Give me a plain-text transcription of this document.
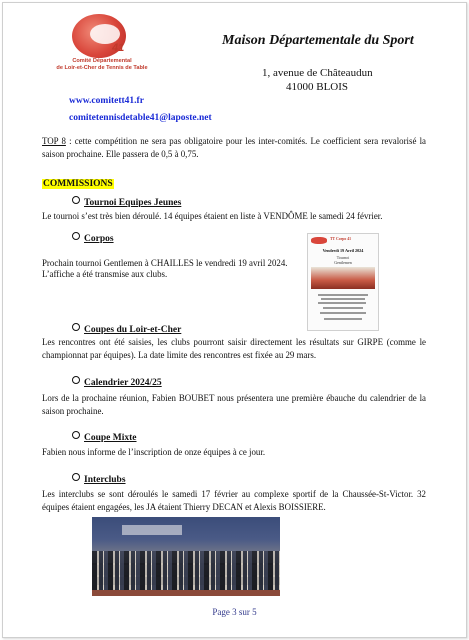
41
Comité Départemental
de Loir-et-Cher de Tennis de Table
Maison Départementale du Sport
1, avenue de Châteaudun
41000 BLOIS
www.comitett41.fr
comitetennisdetable41@laposte.net
TOP 8 : cette compétition ne sera pas obligatoire pour les inter-comités. Le coefficient sera revalorisé la saison prochaine. Elle passera de 0,5 à 0,75.
COMMISSIONS
Tournoi Equipes Jeunes
Le tournoi s’est très bien déroulé. 14 équipes étaient en liste à VENDÔME le samedi 24 février.
Corpos
Prochain tournoi Gentlemen à CHAILLES le vendredi 19 avril 2024.
L’affiche a été transmise aux clubs.
TT Corpo 41
Vendredi 19 Avril 2024
Tournoi
Gentlemen
Coupes du Loir-et-Cher
Les rencontres ont été saisies, les clubs pourront saisir directement les résultats sur GIRPE (comme le championnat par équipes). La date limite des rencontres est fixée au 29 mars.
Calendrier 2024/25
Lors de la prochaine réunion, Fabien BOUBET nous présentera une première ébauche du calendrier de la saison prochaine.
Coupe Mixte
Fabien nous informe de l’inscription de onze équipes à ce jour.
Interclubs
Les interclubs se sont déroulés le samedi 17 février au complexe sportif de la Chaussée-St-Victor. 32 équipes étaient engagées, les JA étaient Thierry DECAN et Alexis BOISSIERE.
Page 3 sur 5
